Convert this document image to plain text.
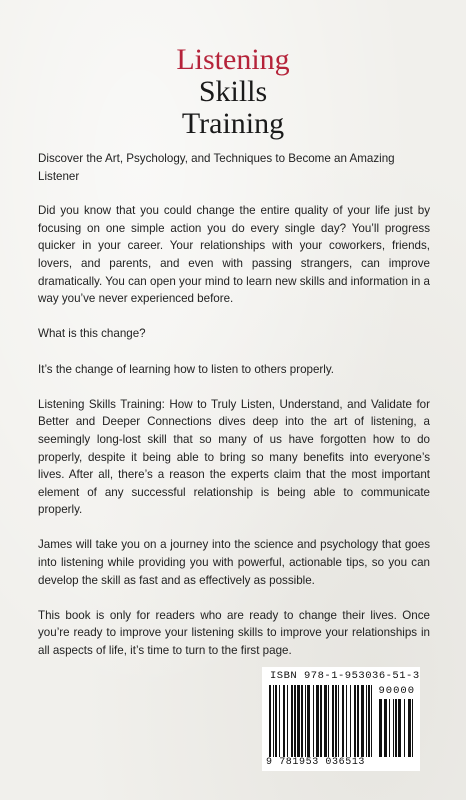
Listening
Skills
Training

Discover the Art, Psychology, and Techniques to Become an Amazing Listener

Did you know that you could change the entire quality of your life just by focusing on one simple action you do every single day? You’ll progress quicker in your career. Your relationships with your coworkers, friends, lovers, and parents, and even with passing strangers, can improve dramatically. You can open your mind to learn new skills and information in a way you’ve never experienced before.

What is this change?

It’s the change of learning how to listen to others properly.

Listening Skills Training: How to Truly Listen, Understand, and Validate for Better and Deeper Connections dives deep into the art of listening, a seemingly long-lost skill that so many of us have forgotten how to do properly, despite it being able to bring so many benefits into everyone’s lives. After all, there’s a reason the experts claim that the most important element of any successful relationship is being able to communicate properly.

James will take you on a journey into the science and psychology that goes into listening while providing you with powerful, actionable tips, so you can develop the skill as fast and as effectively as possible.

This book is only for readers who are ready to change their lives. Once you’re ready to improve your listening skills to improve your relationships in all aspects of life, it’s time to turn to the first page.

ISBN 978-1-953036-51-3
90000
9 781953 036513
